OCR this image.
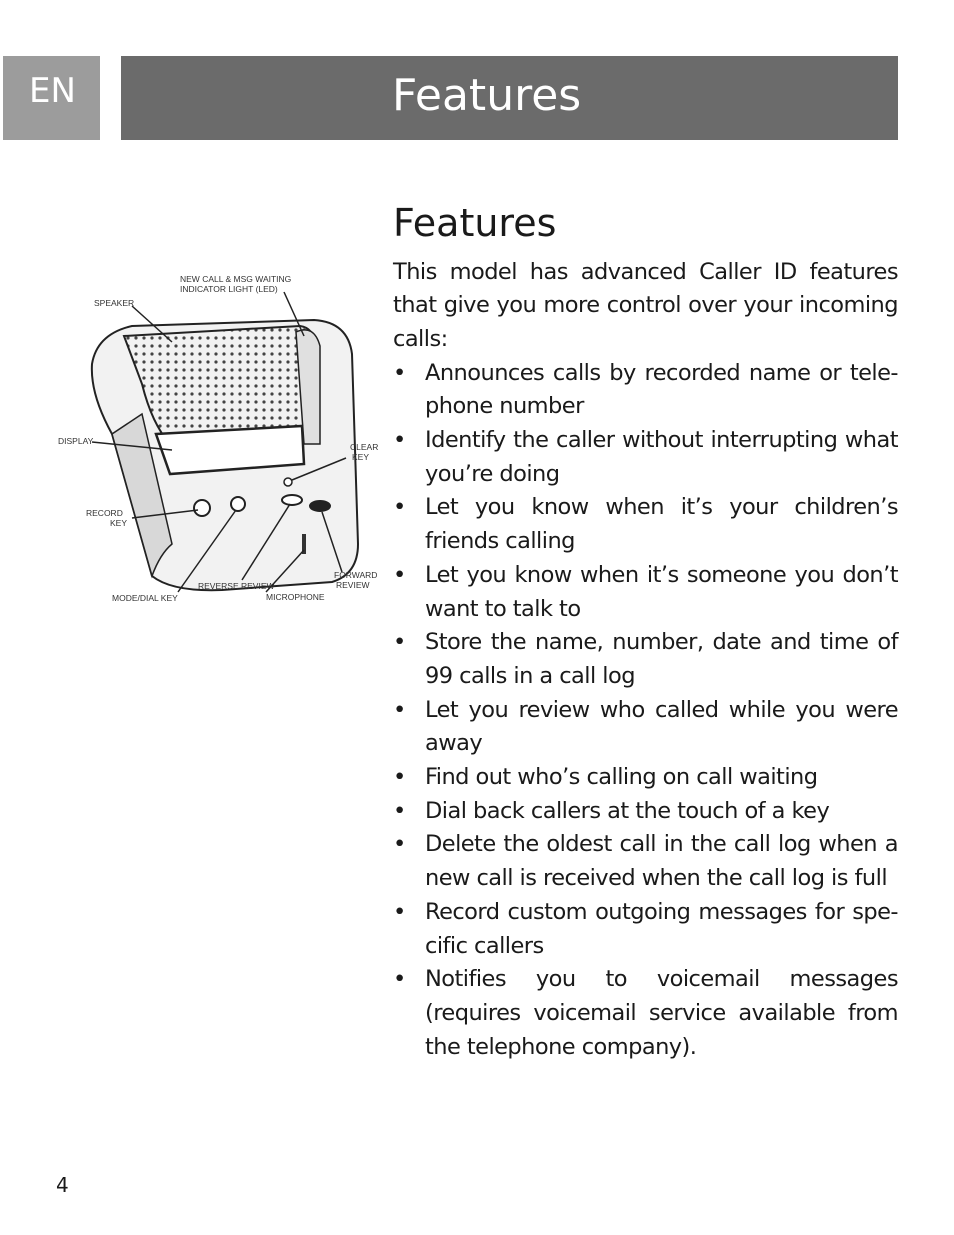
EN	Features
NEW CALL & MSG WAITING
INDICATOR LIGHT (LED)
SPEAKER
DISPLAY
CLEAR
KEY
RECORD
KEY
FORWARD
REVIEW
REVERSE REVIEW
MICROPHONE
MODE/DIAL KEY
Features

This model has advanced Caller ID features that give you more control over your incoming calls:

• Announces calls by recorded name or tele-phone number
• Identify the caller without interrupting what you’re doing
• Let you know when it’s your children’s friends calling
• Let you know when it’s someone you don’t want to talk to
• Store the name, number, date and time of 99 calls in a call log
• Let you review who called while you were away
• Find out who’s calling on call waiting
• Dial back callers at the touch of a key
• Delete the oldest call in the call log when a new call is received when the call log is full
• Record custom outgoing messages for spe-cific callers
• Notifies you to voicemail messages (requires voicemail service available from the telephone company).
4
